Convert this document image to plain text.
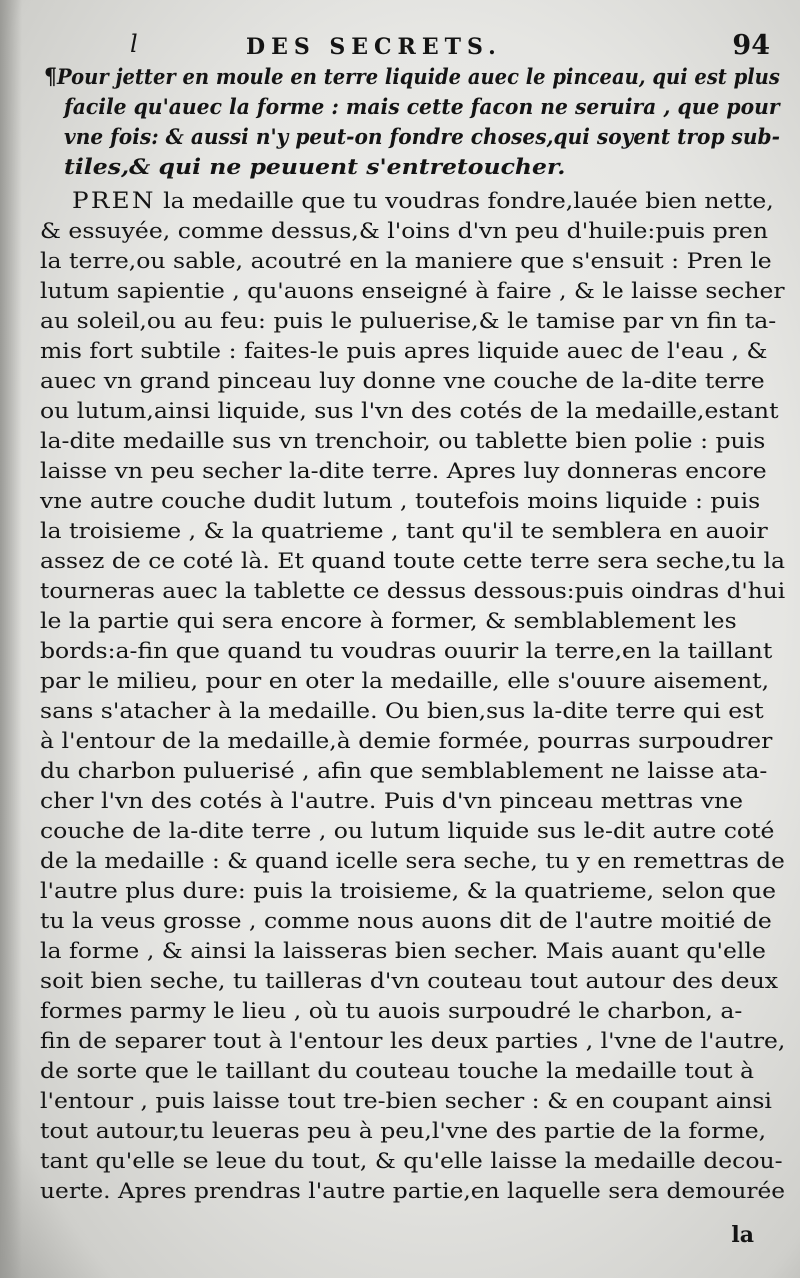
l	DES SECRETS.	94
¶Pour jetter en moule en terre liquide auec le pinceau, qui est plus
facile qu'auec la forme : mais cette facon ne seruira , que pour
vne fois: & aussi n'y peut-on fondre choses,qui soyent trop sub-
tiles,& qui ne peuuent s'entretoucher.
PREN la medaille que tu voudras fondre,lauée bien nette,
& essuyée, comme dessus,& l'oins d'vn peu d'huile:puis pren
la terre,ou sable, acoutré en la maniere que s'ensuit : Pren le
lutum sapientie , qu'auons enseigné à faire , & le laisse secher
au soleil,ou au feu: puis le puluerise,& le tamise par vn fin ta-
mis fort subtile : faites-le puis apres liquide auec de l'eau , &
auec vn grand pinceau luy donne vne couche de la-dite terre
ou lutum,ainsi liquide, sus l'vn des cotés de la medaille,estant
la-dite medaille sus vn trenchoir, ou tablette bien polie : puis
laisse vn peu secher la-dite terre. Apres luy donneras encore
vne autre couche dudit lutum , toutefois moins liquide : puis
la troisieme , & la quatrieme , tant qu'il te semblera en auoir
assez de ce coté là. Et quand toute cette terre sera seche,tu la
tourneras auec la tablette ce dessus dessous:puis oindras d'hui
le la partie qui sera encore à former, & semblablement les
bords:a-fin que quand tu voudras ouurir la terre,en la taillant
par le milieu, pour en oter la medaille, elle s'ouure aisement,
sans s'atacher à la medaille. Ou bien,sus la-dite terre qui est
à l'entour de la medaille,à demie formée, pourras surpoudrer
du charbon puluerisé , afin que semblablement ne laisse ata-
cher l'vn des cotés à l'autre. Puis d'vn pinceau mettras vne
couche de la-dite terre , ou lutum liquide sus le-dit autre coté
de la medaille : & quand icelle sera seche, tu y en remettras de
l'autre plus dure: puis la troisieme, & la quatrieme, selon que
tu la veus grosse , comme nous auons dit de l'autre moitié de
la forme , & ainsi la laisseras bien secher. Mais auant qu'elle
soit bien seche, tu tailleras d'vn couteau tout autour des deux
formes parmy le lieu , où tu auois surpoudré le charbon, a-
fin de separer tout à l'entour les deux parties , l'vne de l'autre,
de sorte que le taillant du couteau touche la medaille tout à
l'entour , puis laisse tout tre-bien secher : & en coupant ainsi
tout autour,tu leueras peu à peu,l'vne des partie de la forme,
tant qu'elle se leue du tout, & qu'elle laisse la medaille decou-
uerte. Apres prendras l'autre partie,en laquelle sera demourée
la
